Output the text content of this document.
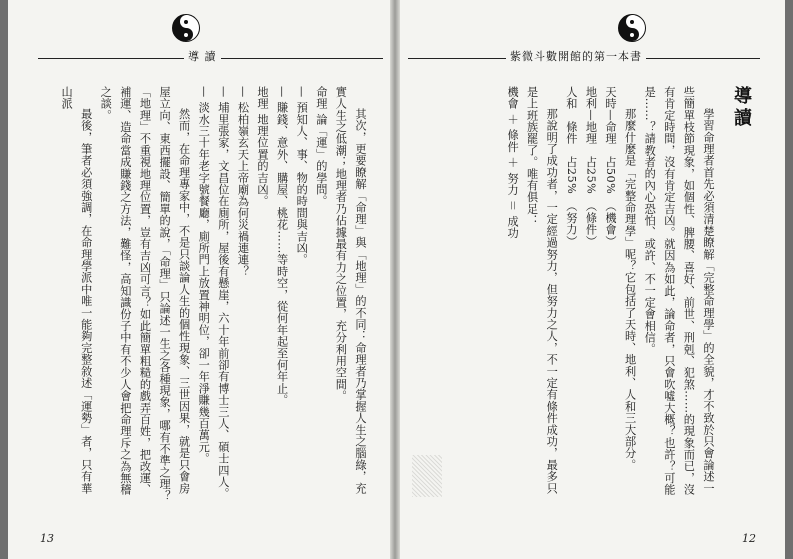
導 讀

其次，更要瞭解「命理」與「地理」的不同：命理者乃掌握人生之腦綠，充實人生之低潮；地理者乃佔據最有力之位置，充分利用空間。

命理 論「運」的學問。

— 預知人、事、物的時間與吉凶。

— 賺錢、意外、購屋、桃花……等時空，從何年起至何年止。

地理 地理位置的吉凶。

— 松柏嶺玄天上帝廟為何災禍連連？

— 埔里張家，文昌位在廁所，屋後有懸崖，六十年前卻有博士三人、碩士四人。

— 淡水三十年老字號餐廳，廁所門上放置神明位，卻一年淨賺幾百萬元。

然而，在命理專家中，不是只談論人生的個性現象、三世因果，就是只會房屋立向、東西擺設、簡單的說，「命理」只論述一生之各種現象，哪有不準之理？「地理」不重視地理位置，豈有吉凶可言？如此簡單粗糙的戲弄百姓，把改運、補運、造命當成賺錢之方法，難怪，高知識份子中有不少人會把命理斥之為無稽之談。

最後，筆者必須強調，在命理學派中唯一能夠完整敘述「運勢」者，只有華山派

13
紫微斗數開館的第一本書
導讀

學習命理者首先必須清楚瞭解「完整命理學」的全貌，才不致於只會論述一些簡單枝節現象，如個性、脾腰、喜好、前世、刑剋、犯煞……的現象而已，沒有肯定時間，沒有肯定吉凶。就因為如此，論命者，只會吹噓大概？也許？可能是……？請教者的內心恐怕、或許、不一定會相信。

那麼什麼是「完整命理學」呢？它包括了天時、地利、人和三大部分。

天時—命理　占50%　（機會）

地利—地理　占25%　（條件）

人和　條件　占25%　（努力）

那說明了成功者，一定經過努力，但努力之人，不一定有條件成功，最多只是上班族罷了。唯有俱足：

機會 ＋ 條件 ＋ 努力 ＝ 成功

12
